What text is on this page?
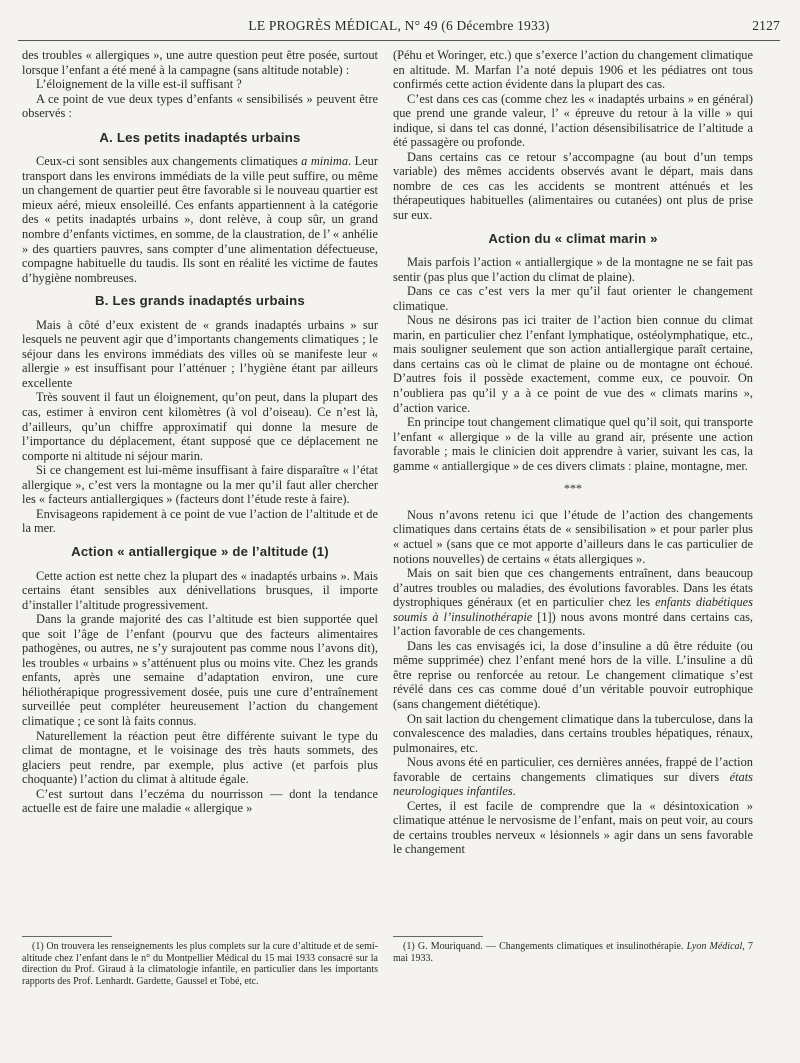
LE PROGRÈS MÉDICAL, N° 49 (6 Décembre 1933)	2127

des troubles « allergiques », une autre question peut être posée, surtout lorsque l’enfant a été mené à la campagne (sans altitude notable) :

L’éloignement de la ville est-il suffisant ?

A ce point de vue deux types d’enfants « sensibilisés » peuvent être observés :

A. Les petits inadaptés urbains

Ceux-ci sont sensibles aux changements climatiques a minima. Leur transport dans les environs immédiats de la ville peut suffire, ou même un changement de quartier peut être favorable si le nouveau quartier est mieux aéré, mieux ensoleillé. Ces enfants appartiennent à la catégorie des « petits inadaptés urbains », dont relève, à coup sûr, un grand nombre d’enfants victimes, en somme, de la claustration, de l’ « anhélie » des quartiers pauvres, sans compter d’une alimentation défectueuse, compagne habituelle du taudis. Ils sont en réalité les victime de fautes d’hygiène nombreuses.

B. Les grands inadaptés urbains

Mais à côté d’eux existent de « grands inadaptés urbains » sur lesquels ne peuvent agir que d’importants changements climatiques ; le séjour dans les environs immédiats des villes où se manifeste leur « allergie » est insuffisant pour l’atténuer ; l’hygiène étant par ailleurs excellente

Très souvent il faut un éloignement, qu’on peut, dans la plupart des cas, estimer à environ cent kilomètres (à vol d’oiseau). Ce n’est là, d’ailleurs, qu’un chiffre approximatif qui donne la mesure de l’importance du déplacement, étant supposé que ce déplacement ne comporte ni altitude ni séjour marin.

Si ce changement est lui-même insuffisant à faire disparaître « l’état allergique », c’est vers la montagne ou la mer qu’il faut aller chercher les « facteurs antiallergiques » (facteurs dont l’étude reste à faire).

Envisageons rapidement à ce point de vue l’action de l’altitude et de la mer.

Action « antiallergique » de l’altitude (1)

Cette action est nette chez la plupart des « inadaptés urbains ». Mais certains étant sensibles aux dénivellations brusques, il importe d’installer l’altitude progressivement.

Dans la grande majorité des cas l’altitude est bien supportée quel que soit l’âge de l’enfant (pourvu que des facteurs alimentaires pathogènes, ou autres, ne s’y surajoutent pas comme nous l’avons dit), les troubles « urbains » s’atténuent plus ou moins vite. Chez les grands enfants, après une semaine d’adaptation environ, une cure héliothérapique progressivement dosée, puis une cure d’entraînement surveillée peut compléter heureusement l’action du changement climatique ; ce sont là faits connus.

Naturellement la réaction peut être différente suivant le type du climat de montagne, et le voisinage des très hauts sommets, des glaciers peut rendre, par exemple, plus active (et parfois plus choquante) l’action du climat à altitude égale.

C’est surtout dans l’eczéma du nourrisson — dont la tendance actuelle est de faire une maladie « allergique »

(1) On trouvera les renseignements les plus complets sur la cure d’altitude et de semi-altitude chez l’enfant dans le n° du Montpellier Médical du 15 mai 1933 consacré sur la direction du Prof. Giraud à la climatologie infantile, en particulier dans les importants rapports des Prof. Lenhardt. Gardette, Gaussel et Tobé, etc.

(Péhu et Woringer, etc.) que s’exerce l’action du changement climatique en altitude. M. Marfan l’a noté depuis 1906 et les pédiatres ont tous confirmés cette action évidente dans la plupart des cas.

C’est dans ces cas (comme chez les « inadaptés urbains » en général) que prend une grande valeur, l’ « épreuve du retour à la ville » qui indique, si dans tel cas donné, l’action désensibilisatrice de l’altitude a été passagère ou profonde.

Dans certains cas ce retour s’accompagne (au bout d’un temps variable) des mêmes accidents observés avant le départ, mais dans nombre de ces cas les accidents se montrent atténués et les thérapeutiques habituelles (alimentaires ou cutanées) ont plus de prise sur eux.

Action du « climat marin »

Mais parfois l’action « antiallergique » de la montagne ne se fait pas sentir (pas plus que l’action du climat de plaine).

Dans ce cas c’est vers la mer qu’il faut orienter le changement climatique.

Nous ne désirons pas ici traiter de l’action bien connue du climat marin, en particulier chez l’enfant lymphatique, ostéolymphatique, etc., mais souligner seulement que son action antiallergique paraît certaine, dans certains cas où le climat de plaine ou de montagne ont échoué. D’autres fois il possède exactement, comme eux, ce pouvoir. On n’oubliera pas qu’il y a à ce point de vue des « climats marins », d’action varice.

En principe tout changement climatique quel qu’il soit, qui transporte l’enfant « allergique » de la ville au grand air, présente une action favorable ; mais le clinicien doit apprendre à varier, suivant les cas, la gamme « antiallergique » de ces divers climats : plaine, montagne, mer.

***

Nous n’avons retenu ici que l’étude de l’action des changements climatiques dans certains états de « sensibilisation » et pour parler plus « actuel » (sans que ce mot apporte d’ailleurs dans le cas particulier de notions nouvelles) de certains « états allergiques ».

Mais on sait bien que ces changements entraînent, dans beaucoup d’autres troubles ou maladies, des évolutions favorables. Dans les états dystrophiques généraux (et en particulier chez les enfants diabétiques soumis à l’insulinothérapie [1]) nous avons montré dans certains cas, l’action favorable de ces changements.

Dans les cas envisagés ici, la dose d’insuline a dû être réduite (ou même supprimée) chez l’enfant mené hors de la ville. L’insuline a dû être reprise ou renforcée au retour. Le changement climatique s’est révélé dans ces cas comme doué d’un véritable pouvoir eutrophique (sans changement diététique).

On sait laction du chengement climatique dans la tuberculose, dans la convalescence des maladies, dans certains troubles hépatiques, rénaux, pulmonaires, etc.

Nous avons été en particulier, ces dernières années, frappé de l’action favorable de certains changements climatiques sur divers états neurologiques infantiles.

Certes, il est facile de comprendre que la « désintoxication » climatique atténue le nervosisme de l’enfant, mais on peut voir, au cours de certains troubles nerveux « lésionnels » agir dans un sens favorable le changement

(1) G. Mouriquand. — Changements climatiques et insulinothérapie. Lyon Médical, 7 mai 1933.
